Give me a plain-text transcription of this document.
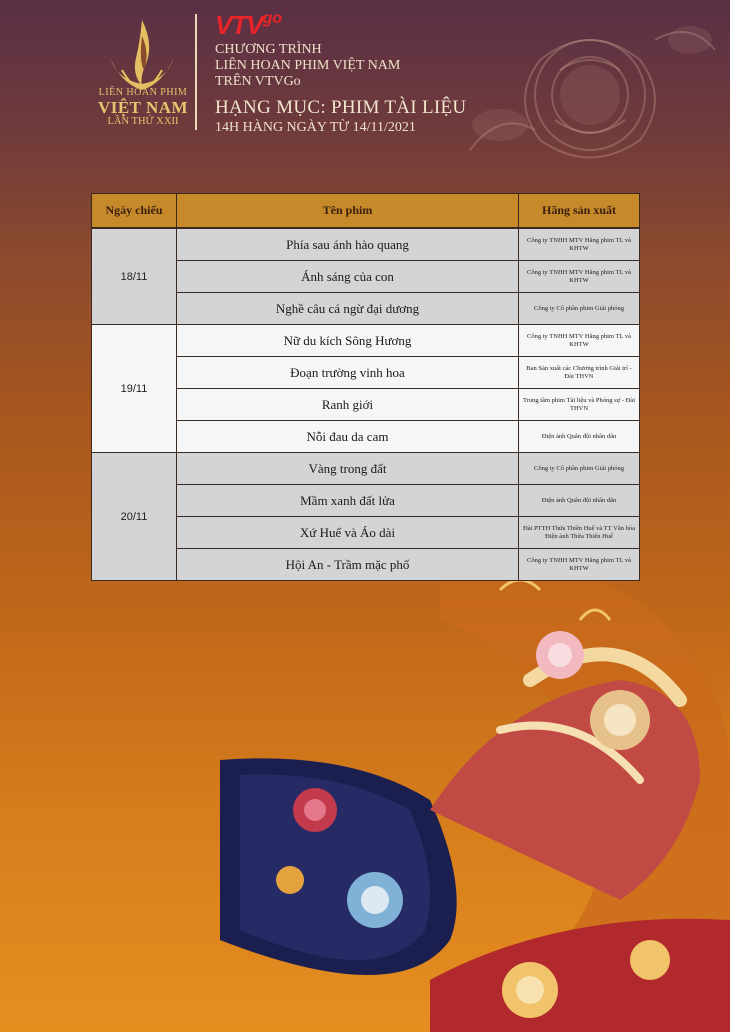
LIÊN HOAN PHIM
VIỆT NAM
LẦN THỨ XXII
VTVgo
CHƯƠNG TRÌNH
LIÊN HOAN PHIM VIỆT NAM
TRÊN VTVGo
HẠNG MỤC: PHIM TÀI LIỆU
14H HÀNG NGÀY TỪ 14/11/2021
Ngày chiếu	Tên phim	Hãng sản xuất
18/11	Phía sau ánh hào quang	Công ty TNHH MTV Hãng phim TL và KHTW
	Ánh sáng của con	Công ty TNHH MTV Hãng phim TL và KHTW
	Nghề câu cá ngừ đại dương	Công ty Cổ phần phim Giải phóng
19/11	Nữ du kích Sông Hương	Công ty TNHH MTV Hãng phim TL và KHTW
	Đoạn trường vinh hoa	Ban Sản xuất các Chương trình Giải trí - Đài THVN
	Ranh giới	Trung tâm phim Tài liệu và Phóng sự - Đài THVN
	Nỗi đau da cam	Điện ảnh Quân đội nhân dân
20/11	Vàng trong đất	Công ty Cổ phần phim Giải phóng
	Mầm xanh đất lửa	Điện ảnh Quân đội nhân dân
	Xứ Huế và Áo dài	Đài PTTH Thừa Thiên Huế và TT Văn hóa Điện ảnh Thừa Thiên Huế
	Hội An - Trầm mặc phố	Công ty TNHH MTV Hãng phim TL và KHTW
